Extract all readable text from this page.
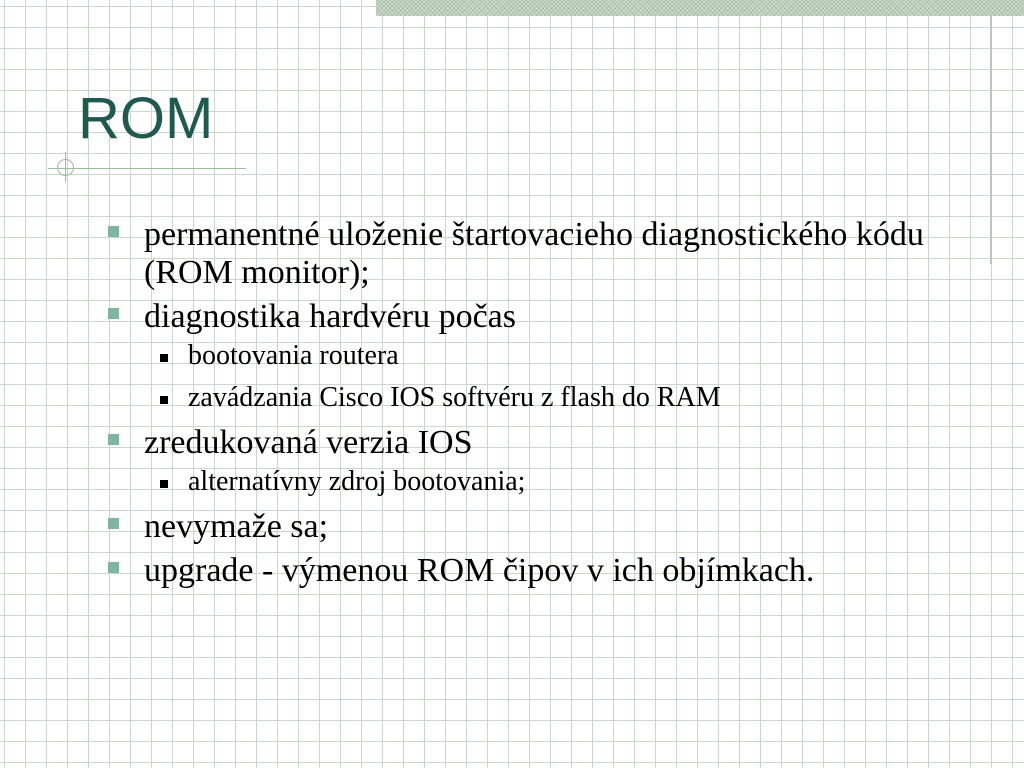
ROM
permanentné uloženie štartovacieho diagnostického kódu (ROM monitor);
diagnostika hardvéru počas
bootovania routera
zavádzania Cisco IOS softvéru z flash do RAM
zredukovaná verzia IOS
alternatívny zdroj bootovania;
nevymaže sa;
upgrade - výmenou ROM čipov v ich objímkach.
